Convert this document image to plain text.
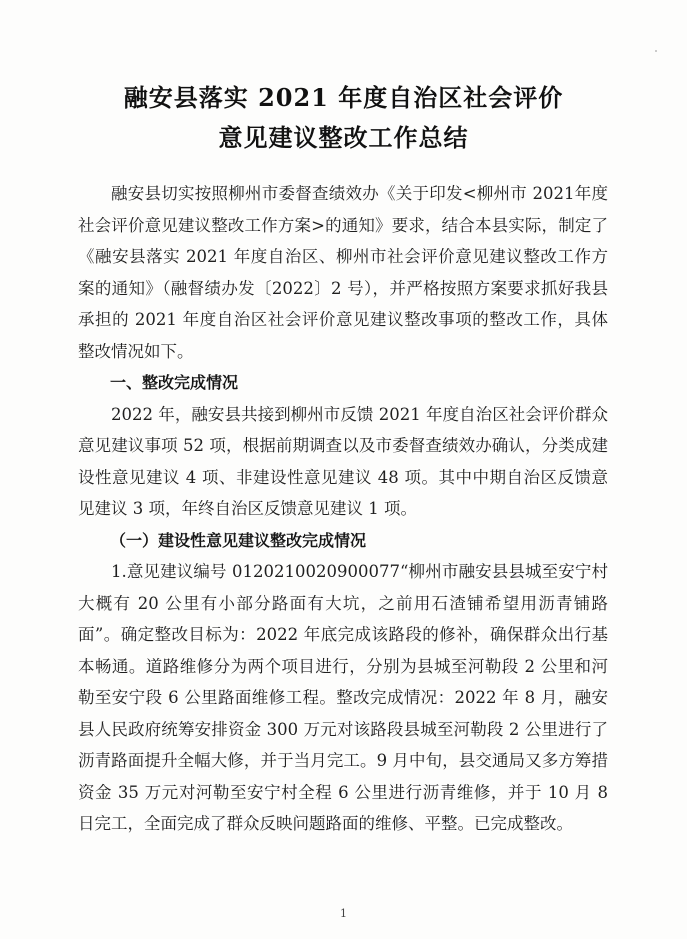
融安县落实 2021 年度自治区社会评价
意见建议整改工作总结

融安县切实按照柳州市委督查绩效办《关于印发<柳州市 2021年度社会评价意见建议整改工作方案>的通知》要求，结合本县实际，制定了《融安县落实 2021 年度自治区、柳州市社会评价意见建议整改工作方案的通知》（融督绩办发〔2022〕2 号），并严格按照方案要求抓好我县承担的 2021 年度自治区社会评价意见建议整改事项的整改工作，具体整改情况如下。

一、整改完成情况

2022 年，融安县共接到柳州市反馈 2021 年度自治区社会评价群众意见建议事项 52 项，根据前期调查以及市委督查绩效办确认，分类成建设性意见建议 4 项、非建设性意见建议 48 项。其中中期自治区反馈意见建议 3 项，年终自治区反馈意见建议 1 项。

（一）建设性意见建议整改完成情况

1.意见建议编号 0120210020900077“柳州市融安县县城至安宁村大概有 20 公里有小部分路面有大坑，之前用石渣铺希望用沥青铺路面”。确定整改目标为：2022 年底完成该路段的修补，确保群众出行基本畅通。道路维修分为两个项目进行，分别为县城至河勒段 2 公里和河勒至安宁段 6 公里路面维修工程。整改完成情况：2022 年 8 月，融安县人民政府统筹安排资金 300 万元对该路段县城至河勒段 2 公里进行了沥青路面提升全幅大修，并于当月完工。9 月中旬，县交通局又多方筹措资金 35 万元对河勒至安宁村全程 6 公里进行沥青维修，并于 10 月 8 日完工，全面完成了群众反映问题路面的维修、平整。已完成整改。

1
